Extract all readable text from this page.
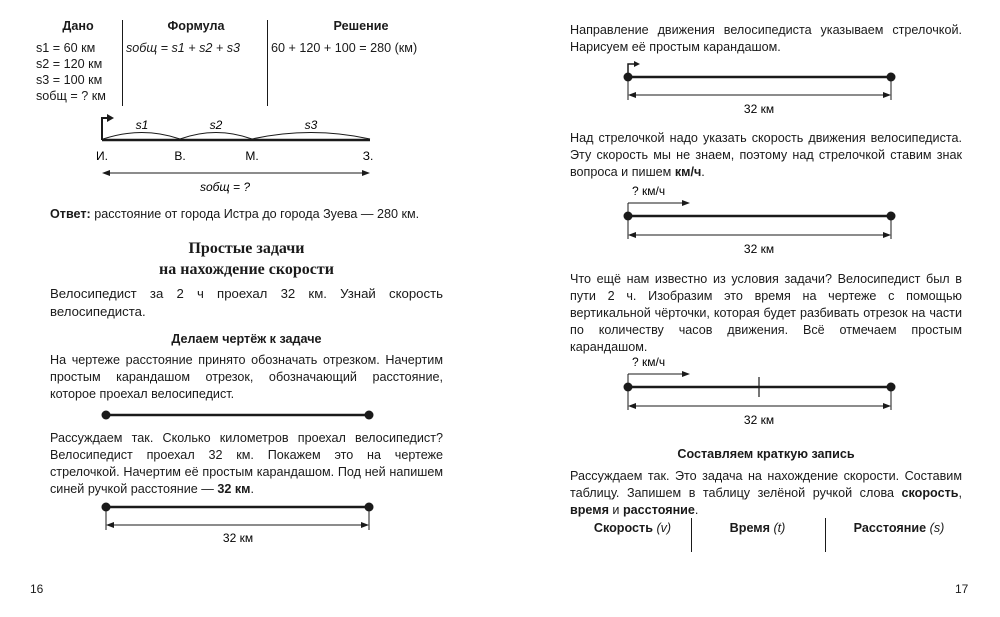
Дано	Формула	Решение
s1 = 60 км
s2 = 120 км
s3 = 100 км
sобщ = ? км
sобщ = s1 + s2 + s3 60 + 120 + 100 = 280 (км)
s1	s2	s3
И.	В.	М.	З.
sобщ = ?

Ответ: расстояние от города Истра до города Зуева — 280 км.

Простые задачи
на нахождение скорости

Велосипедист за 2 ч проехал 32 км. Узнай скорость велосипедиста.

Делаем чертёж к задаче

На чертеже расстояние принято обозначать отрезком. Начертим простым карандашом отрезок, обозначающий расстояние, которое проехал велосипедист.

Рассуждаем так. Сколько километров проехал велосипедист? Велосипедист проехал 32 км. Покажем это на чертеже стрелочкой. Начертим её простым карандашом. Под ней напишем синей ручкой расстояние — 32 км.

32 км
16

Направление движения велосипедиста указываем стрелочкой. Нарисуем её простым карандашом.

32 км

Над стрелочкой надо указать скорость движения велосипедиста. Эту скорость мы не знаем, поэтому над стрелочкой ставим знак вопроса и пишем км/ч.

? км/ч
32 км

Что ещё нам известно из условия задачи? Велосипедист был в пути 2 ч. Изобразим это время на чертеже с помощью вертикальной чёрточки, которая будет разбивать отрезок на части по количеству часов движения. Всё отмечаем простым карандашом.

? км/ч
32 км
Составляем краткую запись

Рассуждаем так. Это задача на нахождение скорости. Составим таблицу. Запишем в таблицу зелёной ручкой слова скорость, время и расстояние.

Скорость (v)	Время (t)	Расстояние (s)
17
